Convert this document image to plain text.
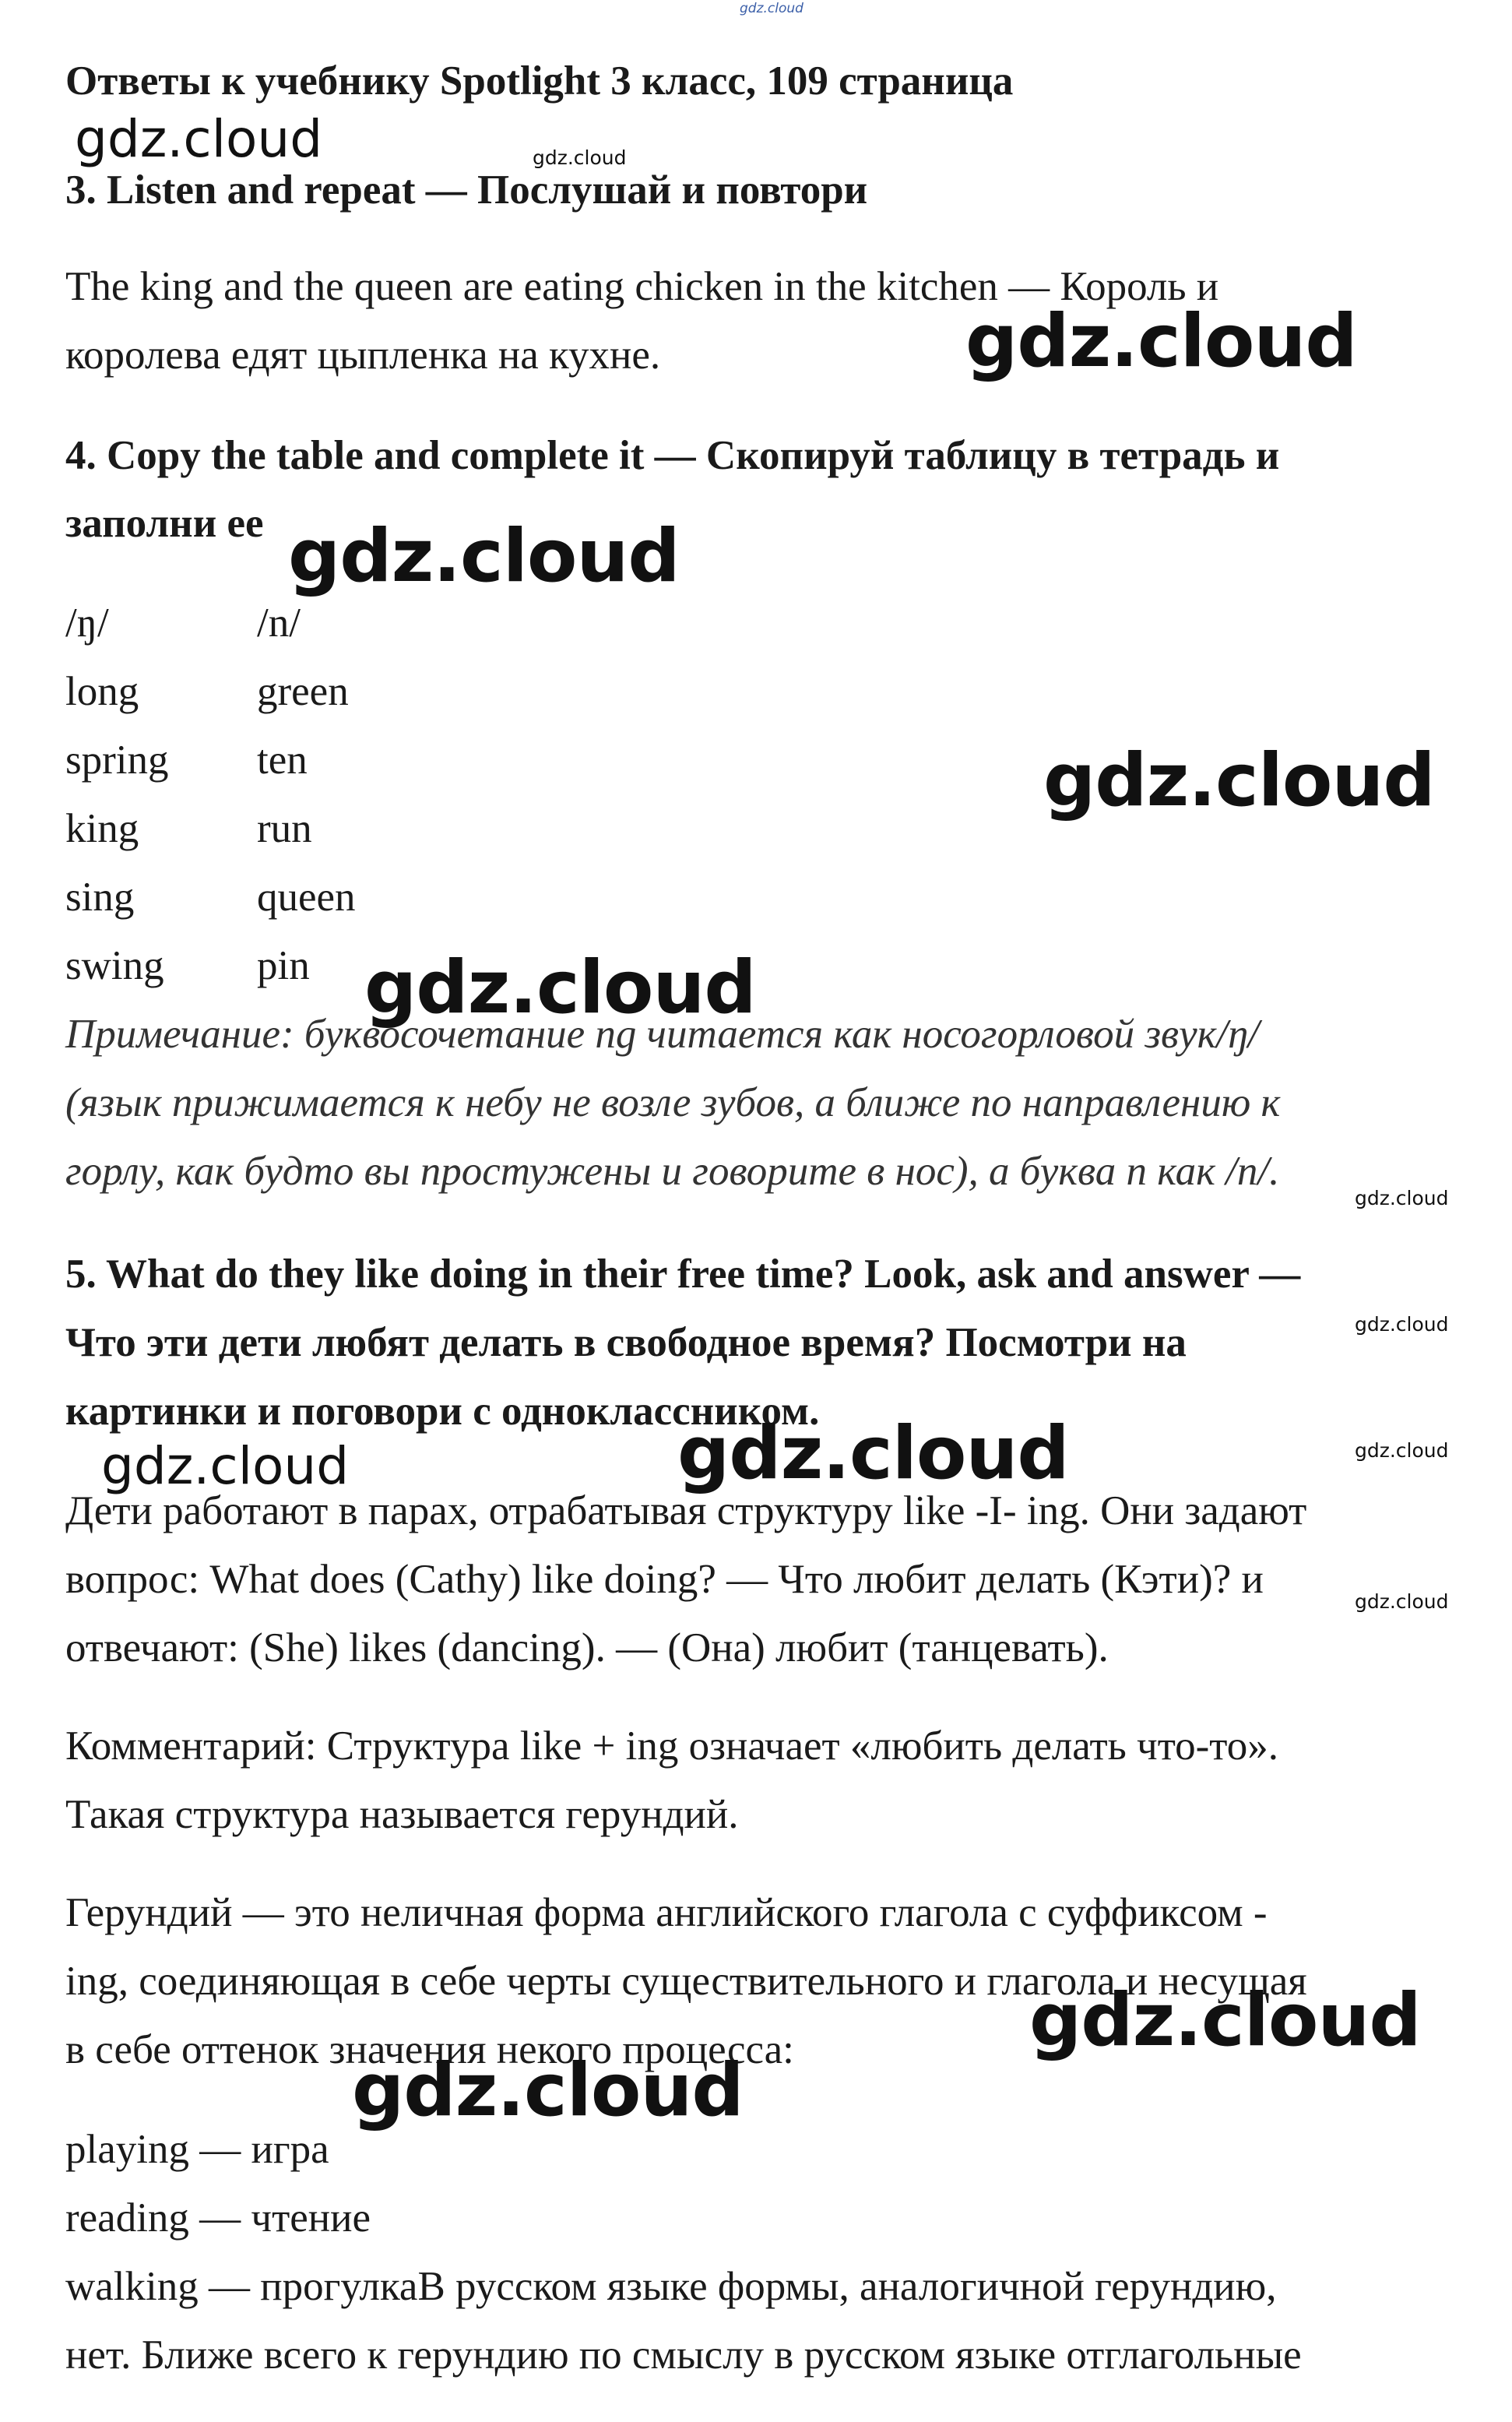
gdz.cloud
Ответы к учебнику Spotlight 3 класс, 109 страница
3. Listen and repeat — Послушай и повтори
The king and the queen are eating chicken in the kitchen — Король и
королева едят цыпленка на кухне.
4. Copy the table and complete it — Скопируй таблицу в тетрадь и
заполни ее
/ŋ/	/n/
long	green
spring ten
king	run
sing	queen
swing pin
Примечание: буквосочетание ng читается как носогорловой звук/ŋ/
(язык прижимается к небу не возле зубов, а ближе по направлению к
горлу, как будто вы простужены и говорите в нос), а буква n как /n/.
5. What do they like doing in their free time? Look, ask and answer —
Что эти дети любят делать в свободное время? Посмотри на
картинки и поговори с одноклассником.
Дети работают в парах, отрабатывая структуру like -I- ing. Они задают
вопрос: What does (Cathy) like doing? — Что любит делать (Кэти)? и
отвечают: (She) likes (dancing). — (Она) любит (танцевать).
Комментарий: Структура like + ing означает «любить делать что-то».
Такая структура называется герундий.
Герундий — это неличная форма английского глагола с суффиксом -
ing, соединяющая в себе черты существительного и глагола и несущая
в себе оттенок значения некого процесса:
playing — игра
reading — чтение
walking — прогулкаВ русском языке формы, аналогичной герундию,
нет. Ближе всего к герундию по смыслу в русском языке отглагольные
gdz.cloud	gdz.cloud
gdz.cloud
gdz.cloud
gdz.cloud
gdz.cloud
gdz.cloud
gdz.cloud
gdz.cloud	gdz.cloud	gdz.cloud
gdz.cloud
gdz.cloud
gdz.cloud
